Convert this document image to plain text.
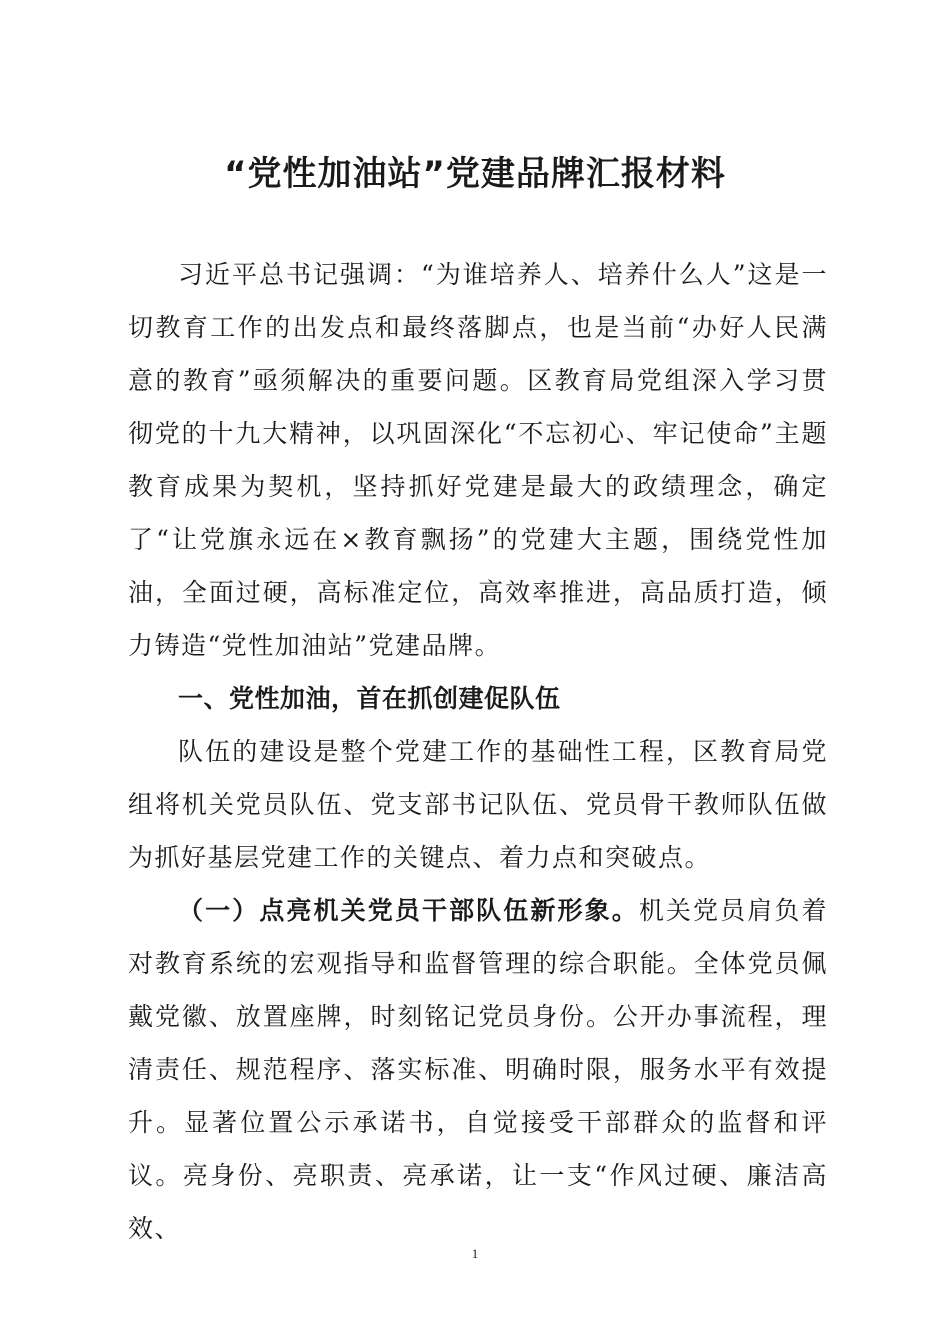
“党性加油站”党建品牌汇报材料

习近平总书记强调：“为谁培养人、培养什么人”这是一切教育工作的出发点和最终落脚点，也是当前“办好人民满意的教育”亟须解决的重要问题。区教育局党组深入学习贯彻党的十九大精神，以巩固深化“不忘初心、牢记使命”主题教育成果为契机，坚持抓好党建是最大的政绩理念，确定了“让党旗永远在×教育飘扬”的党建大主题，围绕党性加油，全面过硬，高标准定位，高效率推进，高品质打造，倾力铸造“党性加油站”党建品牌。

一、党性加油，首在抓创建促队伍

队伍的建设是整个党建工作的基础性工程，区教育局党组将机关党员队伍、党支部书记队伍、党员骨干教师队伍做为抓好基层党建工作的关键点、着力点和突破点。

（一）点亮机关党员干部队伍新形象。机关党员肩负着对教育系统的宏观指导和监督管理的综合职能。全体党员佩戴党徽、放置座牌，时刻铭记党员身份。公开办事流程，理清责任、规范程序、落实标准、明确时限，服务水平有效提升。显著位置公示承诺书，自觉接受干部群众的监督和评议。亮身份、亮职责、亮承诺，让一支“作风过硬、廉洁高效、

1
